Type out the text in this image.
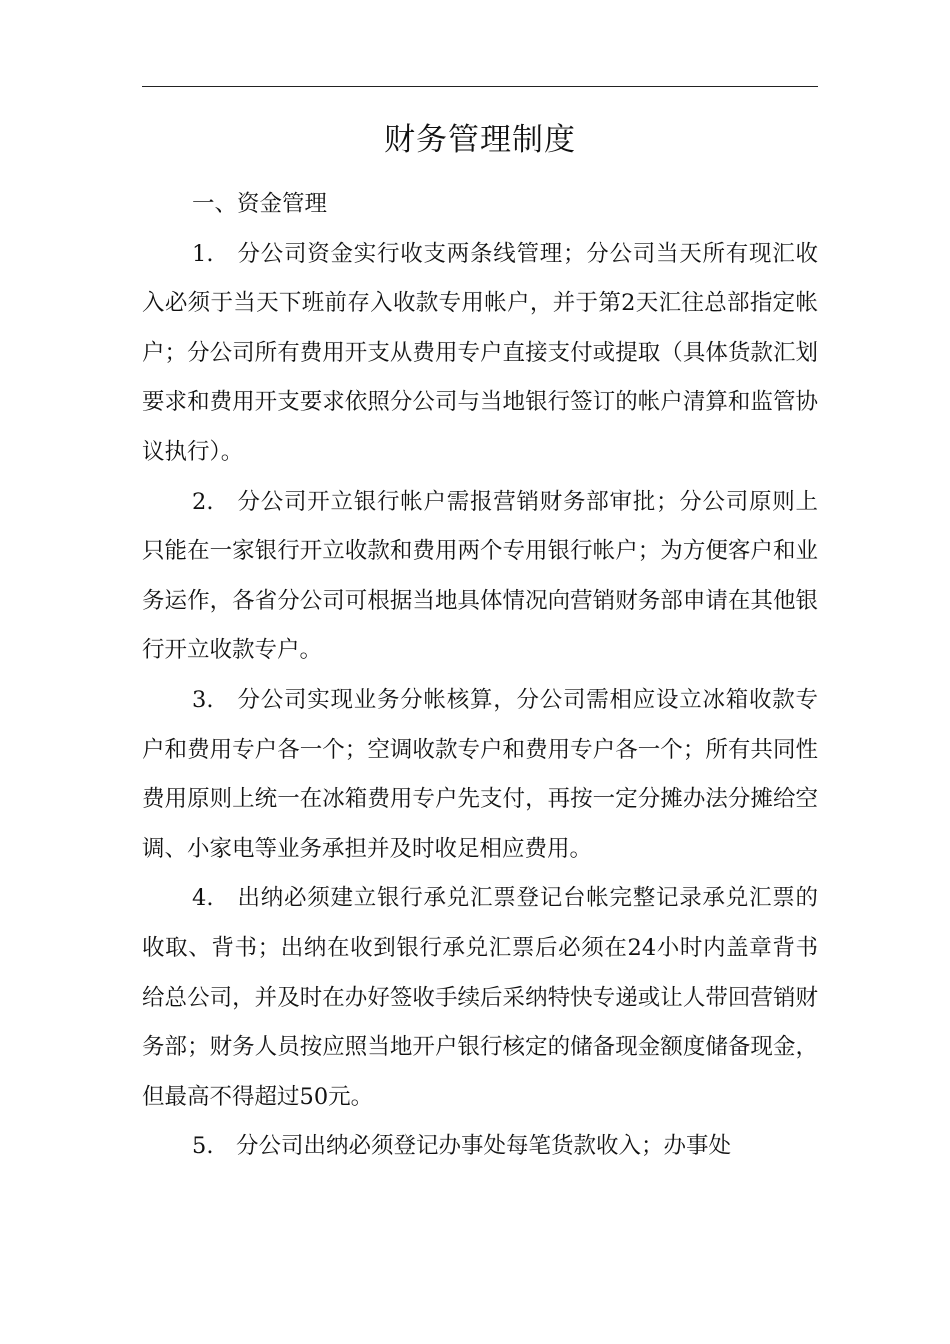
财务管理制度
一、资金管理

1.　分公司资金实行收支两条线管理；分公司当天所有现汇收入必须于当天下班前存入收款专用帐户，并于第2天汇往总部指定帐户；分公司所有费用开支从费用专户直接支付或提取（具体货款汇划要求和费用开支要求依照分公司与当地银行签订的帐户清算和监管协议执行）。

2.　分公司开立银行帐户需报营销财务部审批；分公司原则上只能在一家银行开立收款和费用两个专用银行帐户；为方便客户和业务运作，各省分公司可根据当地具体情况向营销财务部申请在其他银行开立收款专户。

3.　分公司实现业务分帐核算，分公司需相应设立冰箱收款专户和费用专户各一个；空调收款专户和费用专户各一个；所有共同性费用原则上统一在冰箱费用专户先支付，再按一定分摊办法分摊给空调、小家电等业务承担并及时收足相应费用。

4.　出纳必须建立银行承兑汇票登记台帐完整记录承兑汇票的收取、背书；出纳在收到银行承兑汇票后必须在24小时内盖章背书给总公司，并及时在办好签收手续后采纳特快专递或让人带回营销财务部；财务人员按应照当地开户银行核定的储备现金额度储备现金，但最高不得超过50元。

5.　分公司出纳必须登记办事处每笔货款收入；办事处
